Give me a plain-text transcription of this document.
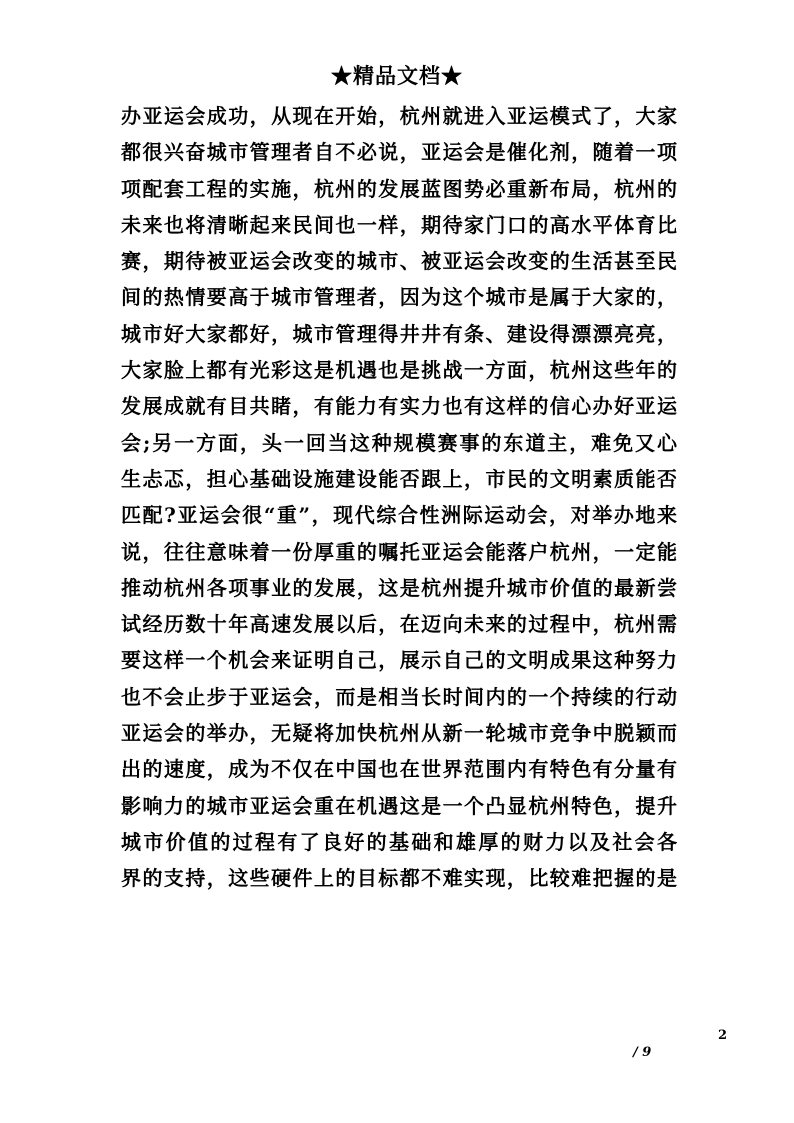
★精品文档★
办亚运会成功，从现在开始，杭州就进入亚运模式了，大家
都很兴奋城市管理者自不必说，亚运会是催化剂，随着一项
项配套工程的实施，杭州的发展蓝图势必重新布局，杭州的
未来也将清晰起来民间也一样，期待家门口的高水平体育比
赛，期待被亚运会改变的城市、被亚运会改变的生活甚至民
间的热情要高于城市管理者，因为这个城市是属于大家的，
城市好大家都好，城市管理得井井有条、建设得漂漂亮亮，
大家脸上都有光彩这是机遇也是挑战一方面，杭州这些年的
发展成就有目共睹，有能力有实力也有这样的信心办好亚运
会;另一方面，头一回当这种规模赛事的东道主，难免又心
生忐忑，担心基础设施建设能否跟上，市民的文明素质能否
匹配?亚运会很“重”，现代综合性洲际运动会，对举办地来
说，往往意味着一份厚重的嘱托亚运会能落户杭州，一定能
推动杭州各项事业的发展，这是杭州提升城市价值的最新尝
试经历数十年高速发展以后，在迈向未来的过程中，杭州需
要这样一个机会来证明自己，展示自己的文明成果这种努力
也不会止步于亚运会，而是相当长时间内的一个持续的行动
亚运会的举办，无疑将加快杭州从新一轮城市竞争中脱颖而
出的速度，成为不仅在中国也在世界范围内有特色有分量有
影响力的城市亚运会重在机遇这是一个凸显杭州特色，提升
城市价值的过程有了良好的基础和雄厚的财力以及社会各
界的支持，这些硬件上的目标都不难实现，比较难把握的是
2
/ 9
